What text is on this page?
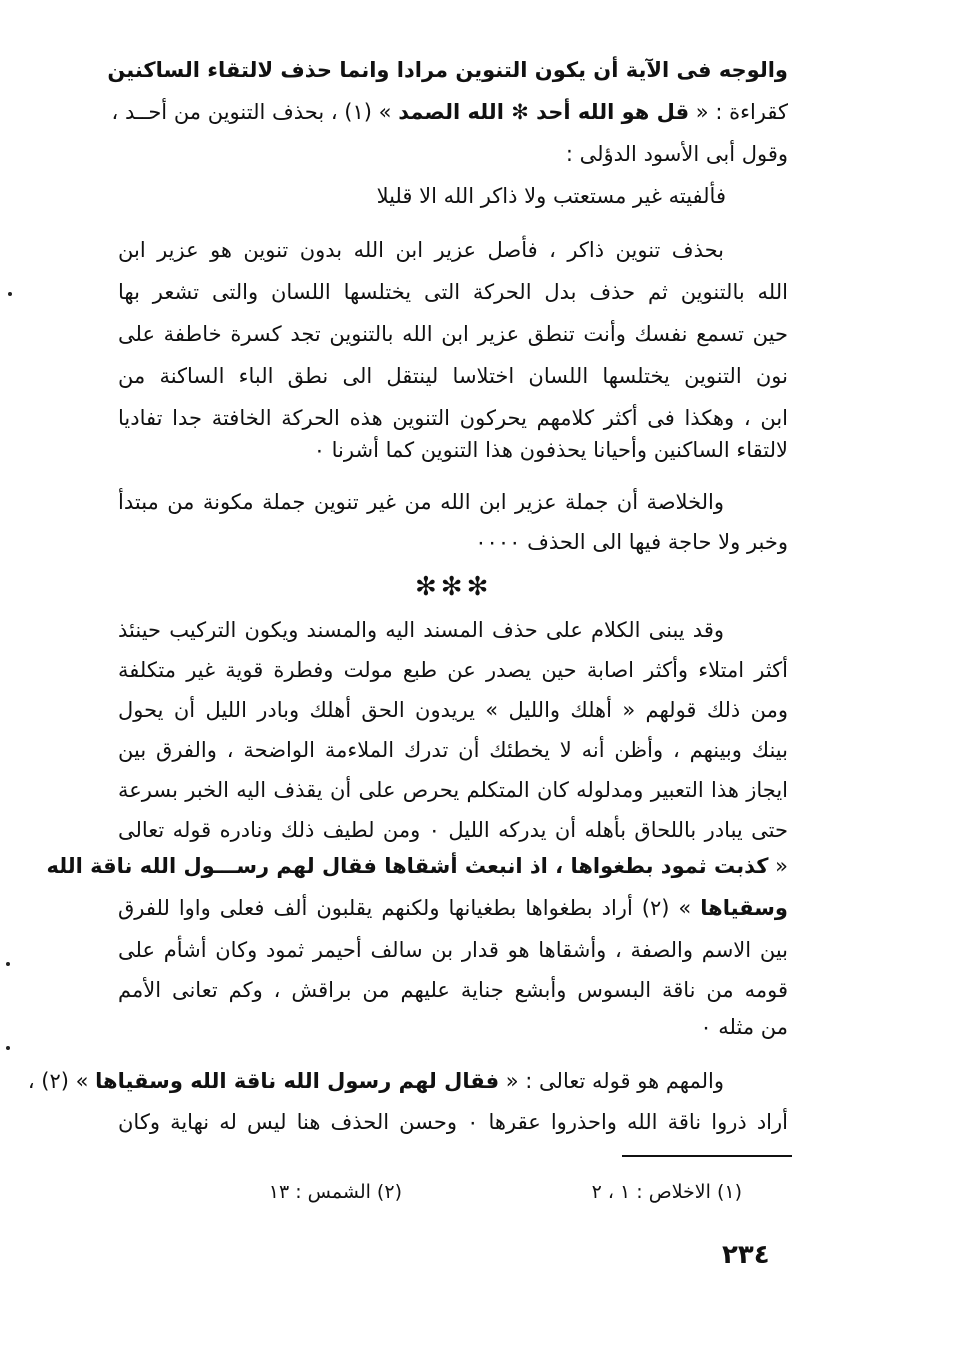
والوجه فى الآية أن يكون التنوين مرادا وانما حذف لالتقاء الساكنين
كقراءة : « قل هو الله أحد ✻ الله الصمد » (١) ، بحذف التنوين من أحــد ،
وقول أبى الأسود الدؤلى :
فألفيته غير مستعتب ولا ذاكر الله الا قليلا
بحذف تنوين ذاكر ، فأصل عزير ابن الله بدون تنوين هو عزير ابن
الله بالتنوين ثم حذف بدل الحركة التى يختلسها اللسان والتى تشعر بها
حين تسمع نفسك وأنت تنطق عزير ابن الله بالتنوين تجد كسرة خاطفة على
نون التنوين يختلسها اللسان اختلاسا لينتقل الى نطق الباء الساكنة من
ابن ، وهكذا فى أكثر كلامهم يحركون التنوين هذه الحركة الخافتة جدا تفاديا
لالتقاء الساكنين وأحيانا يحذفون هذا التنوين كما أشرنا ٠
والخلاصة أن جملة عزير ابن الله من غير تنوين جملة مكونة من مبتدأ
وخبر ولا حاجة فيها الى الحذف ٠٠٠٠
✻✻✻
وقد يبنى الكلام على حذف المسند اليه والمسند ويكون التركيب حينئذ
أكثر امتلاء وأكثر اصابة حين يصدر عن طبع مولت وفطرة قوية غير متكلفة
ومن ذلك قولهم « أهلك والليل » يريدون الحق أهلك وبادر الليل أن يحول
بينك وبينهم ، وأظن أنه لا يخطئك أن تدرك الملاءمة الواضحة ، والفرق بين
ايجاز هذا التعبير ومدلوله كان المتكلم يحرص على أن يقذف اليه الخبر بسرعة
حتى يبادر باللحاق بأهله أن يدركه الليل ٠ ومن لطيف ذلك ونادره قوله تعالى
« كذبت ثمود بطغواها ، اذ انبعث أشقاها فقال لهم رســـول الله ناقة الله
وسقياها » (٢) أراد بطغواها بطغيانها ولكنهم يقلبون ألف فعلى واوا للفرق
بين الاسم والصفة ، وأشقاها هو قدار بن سالف أحيمر ثمود وكان أشأم على
قومه من ناقة البسوس وأبشع جناية عليهم من براقش ، وكم تعانى الأمم
من مثله ٠
والمهم هو قوله تعالى : « فقال لهم رسول الله ناقة الله وسقياها » (٢) ،
أراد ذروا ناقة الله واحذروا عقرها ٠ وحسن الحذف هنا ليس له نهاية وكان
(١) الاخلاص : ١ ، ٢
(٢) الشمس : ١٣
٢٣٤
